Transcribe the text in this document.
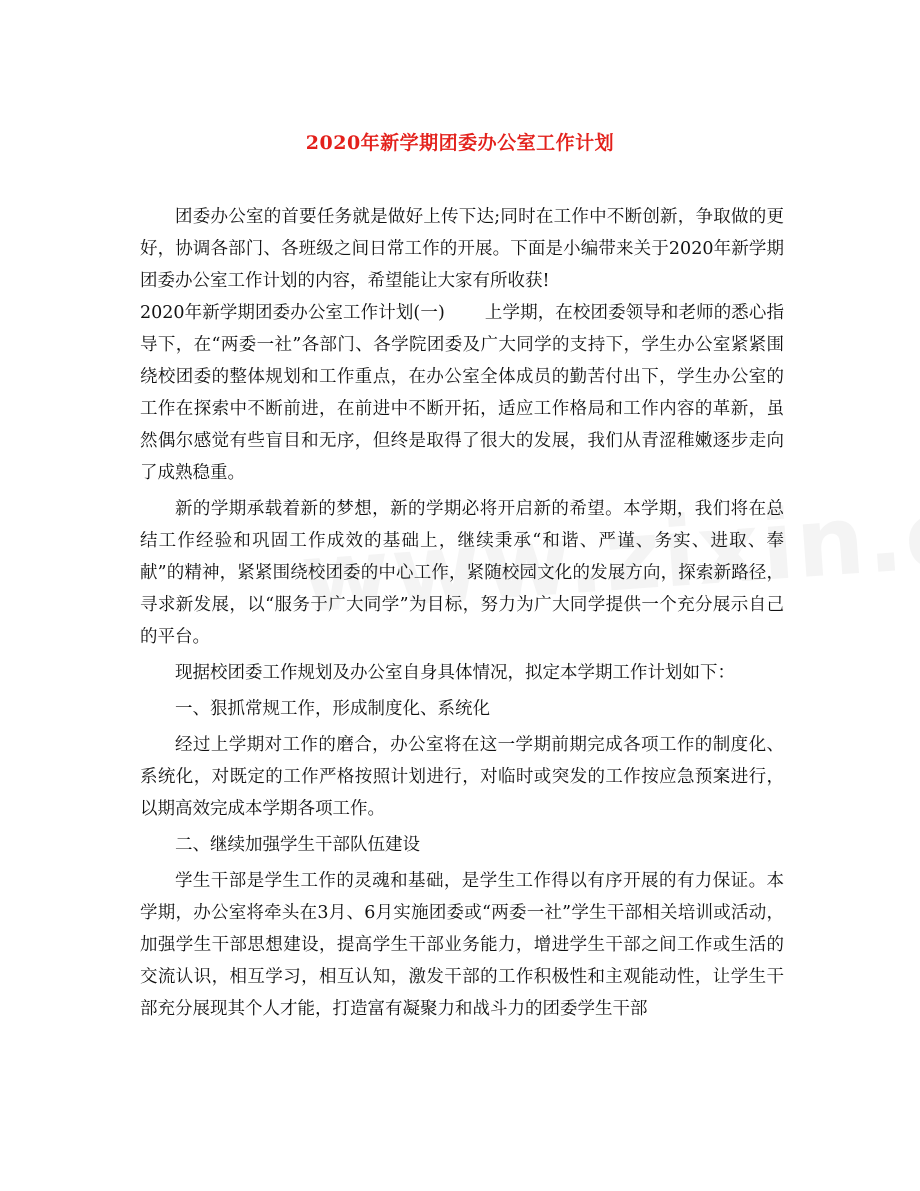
2020年新学期团委办公室工作计划

团委办公室的首要任务就是做好上传下达;同时在工作中不断创新，争取做的更好，协调各部门、各班级之间日常工作的开展。下面是小编带来关于2020年新学期团委办公室工作计划的内容，希望能让大家有所收获!

2020年新学期团委办公室工作计划(一) 上学期，在校团委领导和老师的悉心指导下，在“两委一社”各部门、各学院团委及广大同学的支持下，学生办公室紧紧围绕校团委的整体规划和工作重点，在办公室全体成员的勤苦付出下，学生办公室的工作在探索中不断前进，在前进中不断开拓，适应工作格局和工作内容的革新，虽然偶尔感觉有些盲目和无序，但终是取得了很大的发展，我们从青涩稚嫩逐步走向了成熟稳重。

新的学期承载着新的梦想，新的学期必将开启新的希望。本学期，我们将在总结工作经验和巩固工作成效的基础上，继续秉承“和谐、严谨、务实、进取、奉献”的精神，紧紧围绕校团委的中心工作，紧随校园文化的发展方向，探索新路径，寻求新发展，以“服务于广大同学”为目标，努力为广大同学提供一个充分展示自己的平台。

现据校团委工作规划及办公室自身具体情况，拟定本学期工作计划如下：

一、狠抓常规工作，形成制度化、系统化

经过上学期对工作的磨合，办公室将在这一学期前期完成各项工作的制度化、系统化，对既定的工作严格按照计划进行，对临时或突发的工作按应急预案进行，以期高效完成本学期各项工作。

二、继续加强学生干部队伍建设

学生干部是学生工作的灵魂和基础，是学生工作得以有序开展的有力保证。本学期，办公室将牵头在3月、6月实施团委或“两委一社”学生干部相关培训或活动，加强学生干部思想建设，提高学生干部业务能力，增进学生干部之间工作或生活的交流认识，相互学习，相互认知，激发干部的工作积极性和主观能动性，让学生干部充分展现其个人才能，打造富有凝聚力和战斗力的团委学生干部
